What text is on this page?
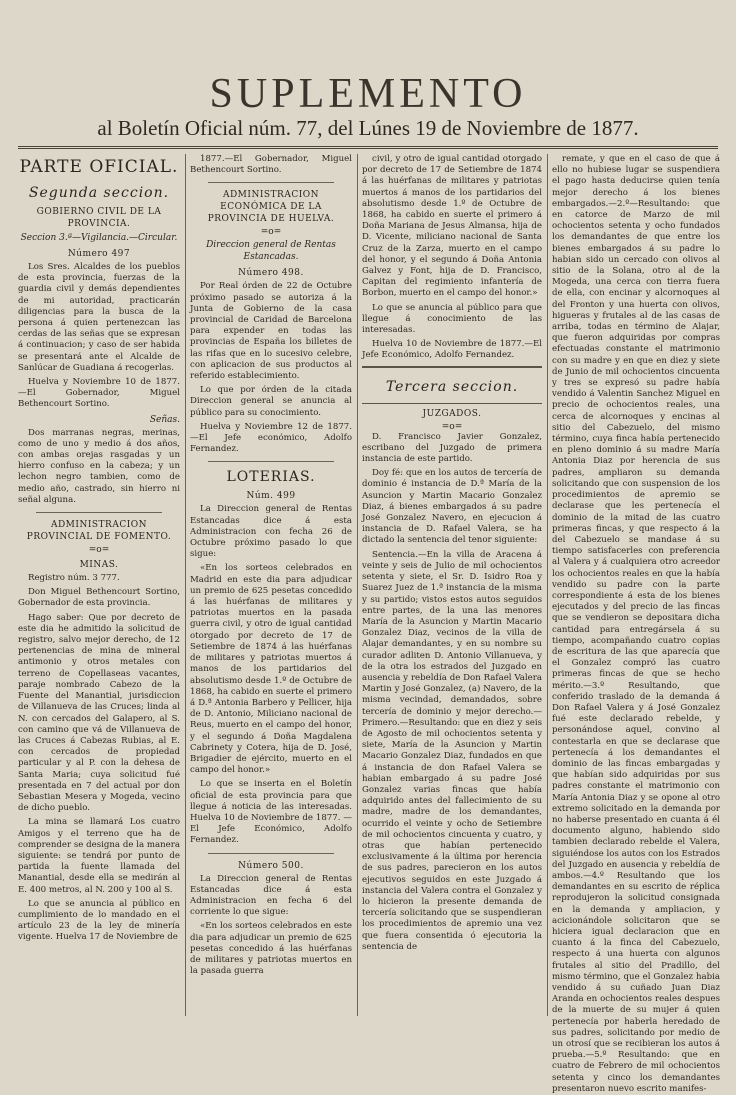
SUPLEMENTO
al Boletín Oficial núm. 77, del Lúnes 19 de Noviembre de 1877.
PARTE OFICIAL.
Segunda seccion.
GOBIERNO CIVIL DE LA PROVINCIA.
Seccion 3.ª—Vigilancia.—Circular.
Número 497

Los Sres. Alcaldes de los pueblos de esta provincia, fuerzas de la guardia civil y demás dependientes de mi autoridad, practicarán diligencias para la busca de la persona á quien pertenezcan las cerdas de las señas que se expresan á continuacion; y caso de ser habida se presentará ante el Alcalde de Sanlúcar de Guadiana á recogerlas.

Huelva y Noviembre 10 de 1877.—El Gobernador, Miguel Bethencourt Sortino.

Señas.

Dos marranas negras, merinas, como de uno y medio á dos años, con ambas orejas rasgadas y un hierro confuso en la cabeza; y un lechon negro tambien, como de medio año, castrado, sin hierro ni señal alguna.

ADMINISTRACION PROVINCIAL DE FOMENTO.
=o=
MINAS.

Registro núm. 3 777.

Don Miguel Bethencourt Sortino, Gobernador de esta provincia.

Hago saber: Que por decreto de este dia he admitido la solicitud de registro, salvo mejor derecho, de 12 pertenencias de mina de mineral antimonio y otros metales con terreno de Copellaseas vacantes, paraje nombrado Cabezo de la Fuente del Manantial, jurisdiccion de Villanueva de las Cruces; linda al N. con cercados del Galapero, al S. con camino que vá de Villanueva de las Cruces á Cabezas Rubias, al E. con cercados de propiedad particular y al P. con la dehesa de Santa Maria; cuya solicitud fué presentada en 7 del actual por don Sebastian Mesera y Mogeda, vecino de dicho pueblo.

La mina se llamará Los cuatro Amigos y el terreno que ha de comprender se designa de la manera siguiente: se tendrá por punto de partida la fuente llamada del Manantial, desde ella se medirán al E. 400 metros, al N. 200 y 100 al S.

Lo que se anuncia al público en cumplimiento de lo mandado en el artículo 23 de la ley de minería vigente. Huelva 17 de Noviembre de

1877.—El Gobernador, Miguel Bethencourt Sortino.

ADMINISTRACION ECONÓMICA DE LA PROVINCIA DE HUELVA.
=o=
Direccion general de Rentas Estancadas.
Número 498.

Por Real órden de 22 de Octubre próximo pasado se autoriza á la Junta de Gobierno de la casa provincial de Caridad de Barcelona para expender en todas las provincias de España los billetes de las rifas que en lo sucesivo celebre, con aplicacion de sus productos al referido establecimiento.

Lo que por órden de la citada Direccion general se anuncia al público para su conocimiento.

Huelva y Noviembre 12 de 1877.—El Jefe económico, Adolfo Fernandez.

LOTERIAS.
Núm. 499

La Direccion general de Rentas Estancadas dice á esta Administracion con fecha 26 de Octubre próximo pasado lo que sigue:

«En los sorteos celebrados en Madrid en este dia para adjudicar un premio de 625 pesetas concedido á las huérfanas de militares y patriotas muertos en la pasada guerra civil, y otro de igual cantidad otorgado por decreto de 17 de Setiembre de 1874 á las huérfanas de militares y patriotas muertos á manos de los partidarios del absolutismo desde 1.º de Octubre de 1868, ha cabido en suerte el primero á D.ª Antonia Barbero y Pellicer, hija de D. Antonio, Miliciano nacional de Reus, muerto en el campo del honor, y el segundo á Doña Magdalena Cabrinety y Cotera, hija de D. José, Brigadier de ejército, muerto en el campo del honor.»

Lo que se inserta en el Boletín oficial de esta provincia para que llegue á noticia de las interesadas. Huelva 10 de Noviembre de 1877. —El Jefe Económico, Adolfo Fernandez.

Número 500.

La Direccion general de Rentas Estancadas dice á esta Administracion en fecha 6 del corriente lo que sigue:

«En los sorteos celebrados en este dia para adjudicar un premio de 625 pesetas concedido á las huérfanas de militares y patriotas muertos en la pasada guerra

civil, y otro de igual cantidad otorgado por decreto de 17 de Setiembre de 1874 á las huérfanas de militares y patriotas muertos á manos de los partidarios del absolutismo desde 1.º de Octubre de 1868, ha cabido en suerte el primero á Doña Mariana de Jesus Almansa, hija de D. Vicente, miliciano nacional de Santa Cruz de la Zarza, muerto en el campo del honor, y el segundo á Doña Antonia Galvez y Font, hija de D. Francisco, Capitan del regimiento infantería de Borbon, muerto en el campo del honor.»

Lo que se anuncia al público para que llegue á conocimiento de las interesadas.

Huelva 10 de Noviembre de 1877.—El Jefe Económico, Adolfo Fernandez.

Tercera seccion.
JUZGADOS.
=o=

D. Francisco Javier Gonzalez, escribano del Juzgado de primera instancia de este partido.

Doy fé: que en los autos de tercería de dominio é instancia de D.ª María de la Asuncion y Martin Macario Gonzalez Diaz, á bienes embargados á su padre José Gonzalez Navero, en ejecucion á instancia de D. Rafael Valera, se ha dictado la sentencia del tenor siguiente:

Sentencia.—En la villa de Aracena á veinte y seis de Julio de mil ochocientos setenta y siete, el Sr. D. Isidro Roa y Suarez Juez de 1.ª instancia de la misma y su partido; vistos estos autos seguidos entre partes, de la una las menores María de la Asuncion y Martin Macario Gonzalez Diaz, vecinos de la villa de Alajar demandantes, y en su nombre su curador adliten D. Antonio Villanueva, y de la otra los estrados del Juzgado en ausencia y rebeldía de Don Rafael Valera Martin y José Gonzalez, (a) Navero, de la misma vecindad, demandados, sobre tercería de dominio y mejor derecho.—Primero.—Resultando: que en diez y seis de Agosto de mil ochocientos setenta y siete, María de la Asuncion y Martin Macario Gonzalez Diaz, fundados en que á instancia de don Rafael Valera se habian embargado á su padre José Gonzalez varias fincas que había adquirido antes del fallecimiento de su madre, madre de los demandantes, ocurrido el veinte y ocho de Setiembre de mil ochocientos cincuenta y cuatro, y otras que habían pertenecido exclusivamente á la última por herencia de sus padres, parecieron en los autos ejecutivos seguidos en este Juzgado á instancia del Valera contra el Gonzalez y lo hicieron la presente demanda de tercería solicitando que se suspendieran los procedimientos de apremio una vez que fuera consentida ó ejecutoria la sentencia de

remate, y que en el caso de que á ello no hubiese lugar se suspendiera el pago hasta deducirse quien tenía mejor derecho á los bienes embargados.—2.º—Resultando: que en catorce de Marzo de mil ochocientos setenta y ocho fundados los demandantes de que entre los bienes embargados á su padre lo habian sido un cercado con olivos al sitio de la Solana, otro al de la Mogeda, una cerca con tierra fuera de ella, con encinar y alcornoques al del Fronton y una huerta con olivos, higueras y frutales al de las casas de arriba, todas en término de Alajar, que fueron adquiridas por compras efectuadas constante el matrimonio con su madre y en que en diez y siete de Junio de mil ochocientos cincuenta y tres se expresó su padre había vendido á Valentin Sanchez Miguel en precio de ochocientos reales, una cerca de alcornoques y encinas al sitio del Cabezuelo, del mismo término, cuya finca había pertenecido en pleno dominio á su madre María Antonia Diaz por herencia de sus padres, ampliaron su demanda solicitando que con suspension de los procedimientos de apremio se declarase que les pertenecía el dominio de la mitad de las cuatro primeras fincas, y que respecto á la del Cabezuelo se mandase á su tiempo satisfacerles con preferencia al Valera y á cualquiera otro acreedor los ochocientos reales en que la había vendido su padre con la parte correspondiente á esta de los bienes ejecutados y del precio de las fincas que se vendieron se depositara dicha cantidad para entregársela á su tiempo, acompañando cuatro copias de escritura de las que aparecía que el Gonzalez compró las cuatro primeras fincas de que se hecho mérito.—3.º Resultando, que conferido traslado de la demanda á Don Rafael Valera y á José Gonzalez fué este declarado rebelde, y personándose aquel, convino al contestarla en que se declarase que pertenecía á los demandantes el dominio de las fincas embargadas y que habían sido adquiridas por sus padres constante el matrimonio con María Antonia Diaz y se opone al otro extremo solicitado en la demanda por no haberse presentado en cuanta á él documento alguno, habiendo sido tambien declarado rebelde el Valera, siguiéndose los autos con los Estrados del Juzgado en ausencia y rebeldía de ambos.—4.º Resultando que los demandantes en su escrito de réplica reprodujeron la solicitud consignada en la demanda y ampliacion, y acicionándole solicitaron que se hiciera igual declaracion que en cuanto á la finca del Cabezuelo, respecto á una huerta con algunos frutales al sitio del Pradillo, del mismo término, que el Gonzalez habia vendido á su cuñado Juan Diaz Aranda en ochocientos reales despues de la muerte de su mujer á quien pertenecía por haberla heredado de sus padres, solicitando por medio de un otrosí que se recibieran los autos á prueba.—5.º Resultando: que en cuatro de Febrero de mil ochocientos setenta y cinco los demandantes presentaron nuevo escrito manifes-
